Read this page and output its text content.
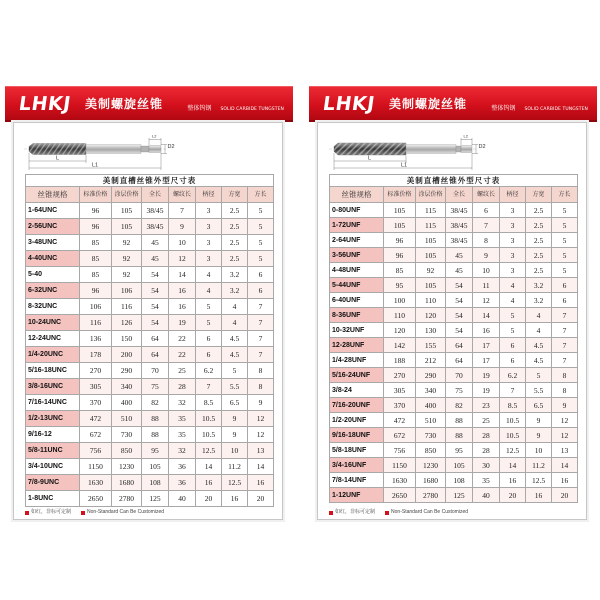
LHKJ 美制螺旋丝锥	整体钨钢 SOLID CARBIDE TUNGSTEN
L
L1
D2
L2
美制直槽丝锥外型尺寸表							
丝锥规格	标准价格	涂层价格	全长	螺纹长	柄径	方宽	方长
1-64UNC	96	105	38/45	7	3	2.5	5
2-56UNC	96	105	38/45	9	3	2.5	5
3-48UNC	85	92	45	10	3	2.5	5
4-40UNC	85	92	45	12	3	2.5	5
5-40	85	92	54	14	4	3.2	6
6-32UNC	96	106	54	16	4	3.2	6
8-32UNC	106	116	54	16	5	4	7
10-24UNC	116	126	54	19	5	4	7
12-24UNC	136	150	64	22	6	4.5	7
1/4-20UNC	178	200	64	22	6	4.5	7
5/16-18UNC	270	290	70	25	6.2	5	8
3/8-16UNC	305	340	75	28	7	5.5	8
7/16-14UNC	370	400	82	32	8.5	6.5	9
1/2-13UNC	472	510	88	35	10.5	9	12
9/16-12	672	730	88	35	10.5	9	12
5/8-11UNC	756	850	95	32	12.5	10	13
3/4-10UNC	1150	1230	105	36	14	11.2	14
7/8-9UNC	1630	1680	108	36	16	12.5	16
1-8UNC	2650	2780	125	40	20	16	20
如红，非标可定制	Non-Standard Can Be Customized
LHKJ 美制螺旋丝锥	整体钨钢 SOLID CARBIDE TUNGSTEN
L
L1
D2
L2
美制直槽丝锥外型尺寸表							
丝锥规格	标准价格	涂层价格	全长	螺纹长	柄径	方宽	方长
0-80UNF	105	115	38/45	6	3	2.5	5
1-72UNF	105	115	38/45	7	3	2.5	5
2-64UNF	96	105	38/45	8	3	2.5	5
3-56UNF	96	105	45	9	3	2.5	5
4-48UNF	85	92	45	10	3	2.5	5
5-44UNF	95	105	54	11	4	3.2	6
6-40UNF	100	110	54	12	4	3.2	6
8-36UNF	110	120	54	14	5	4	7
10-32UNF	120	130	54	16	5	4	7
12-28UNF	142	155	64	17	6	4.5	7
1/4-28UNF	188	212	64	17	6	4.5	7
5/16-24UNF	270	290	70	19	6.2	5	8
3/8-24	305	340	75	19	7	5.5	8
7/16-20UNF	370	400	82	23	8.5	6.5	9
1/2-20UNF	472	510	88	25	10.5	9	12
9/16-18UNF	672	730	88	28	10.5	9	12
5/8-18UNF	756	850	95	28	12.5	10	13
3/4-16UNF	1150	1230	105	30	14	11.2	14
7/8-14UNF	1630	1680	108	35	16	12.5	16
1-12UNF	2650	2780	125	40	20	16	20
如红，非标可定制	Non-Standard Can Be Customized
